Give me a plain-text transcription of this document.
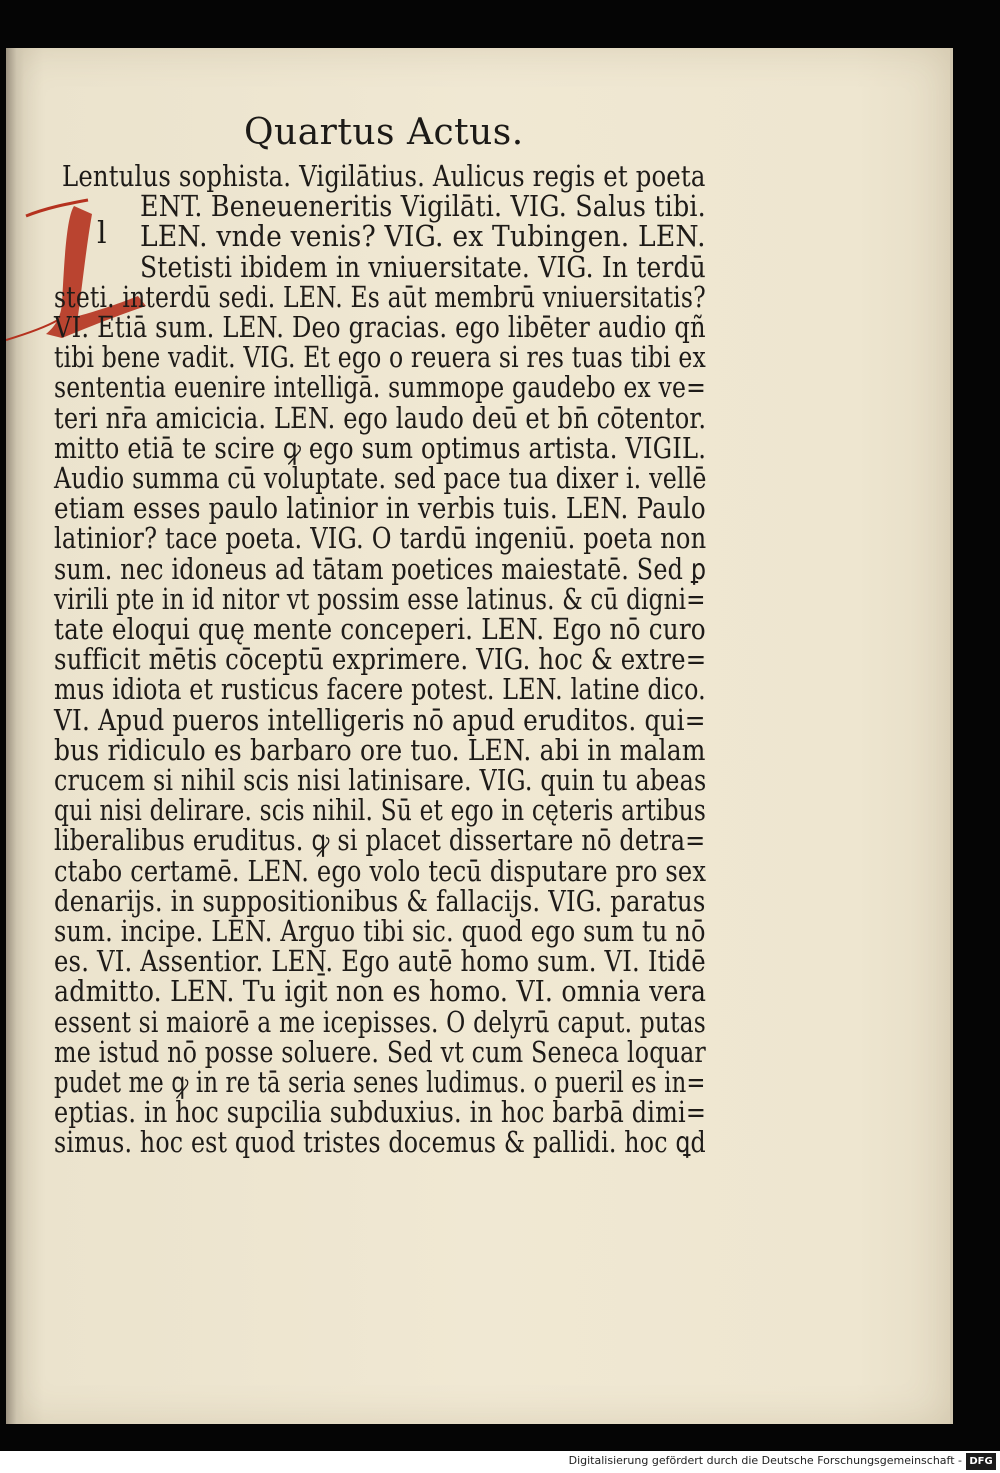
Quartus Actus.
l

Lentulus sophista. Vigilātius. Aulicus regis et poeta

ENT. Beneueneritis Vigilāti. VIG. Salus tibi.

LEN. vnde venis? VIG. ex Tubingen. LEN.

Stetisti ibidem in vniuersitate. VIG. In terdū

steti. interdū sedi. LEN. Es aūt membrū vniuersitatis?

VI. Etiā sum. LEN. Deo gracias. ego libēter audio qñ

tibi bene vadit. VIG. Et ego o reuera si res tuas tibi ex

sententia euenire intelligā. summope gaudebo ex ve=

teri nr̄a amicicia. LEN. ego laudo deū et bn̄ cōtentor.

mitto etiā te scire ꝙ ego sum optimus artista. VIGIL.

Audio summa cū voluptate. sed pace tua dixer i. vellē

etiam esses paulo latinior in verbis tuis. LEN. Paulo

latinior? tace poeta. VIG. O tardū ingeniū. poeta non

sum. nec idoneus ad tātam poetices maiestatē. Sed ꝑ

virili pte in id nitor vt possim esse latinus. & cū digni=

tate eloqui quę mente conceperi. LEN. Ego nō curo

sufficit mētis cōceptū exprimere. VIG. hoc & extre=

mus idiota et rusticus facere potest. LEN. latine dico.

VI. Apud pueros intelligeris nō apud eruditos. qui=

bus ridiculo es barbaro ore tuo. LEN. abi in malam

crucem si nihil scis nisi latinisare. VIG. quin tu abeas

qui nisi delirare. scis nihil. Sū et ego in cęteris artibus

liberalibus eruditus. ꝙ si placet dissertare nō detra=

ctabo certamē. LEN. ego volo tecū disputare pro sex

denarijs. in suppositionibus & fallacijs. VIG. paratus

sum. incipe. LEN. Arguo tibi sic. quod ego sum tu nō

es. VI. Assentior. LEN. Ego autē homo sum. VI. Itidē

admitto. LEN. Tu igit̄ non es homo. VI. omnia vera

essent si maiorē a me icepisses. O delyrū caput. putas

me istud nō posse soluere. Sed vt cum Seneca loquar

pudet me ꝙ in re tā seria senes ludimus. o pueril es in=

eptias. in hoc supcilia subduxius. in hoc barbā dimi=

simus. hoc est quod tristes docemus & pallidi. hoc ꝗd

Digitalisierung gefördert durch die Deutsche Forschungsgemeinschaft - DFG
